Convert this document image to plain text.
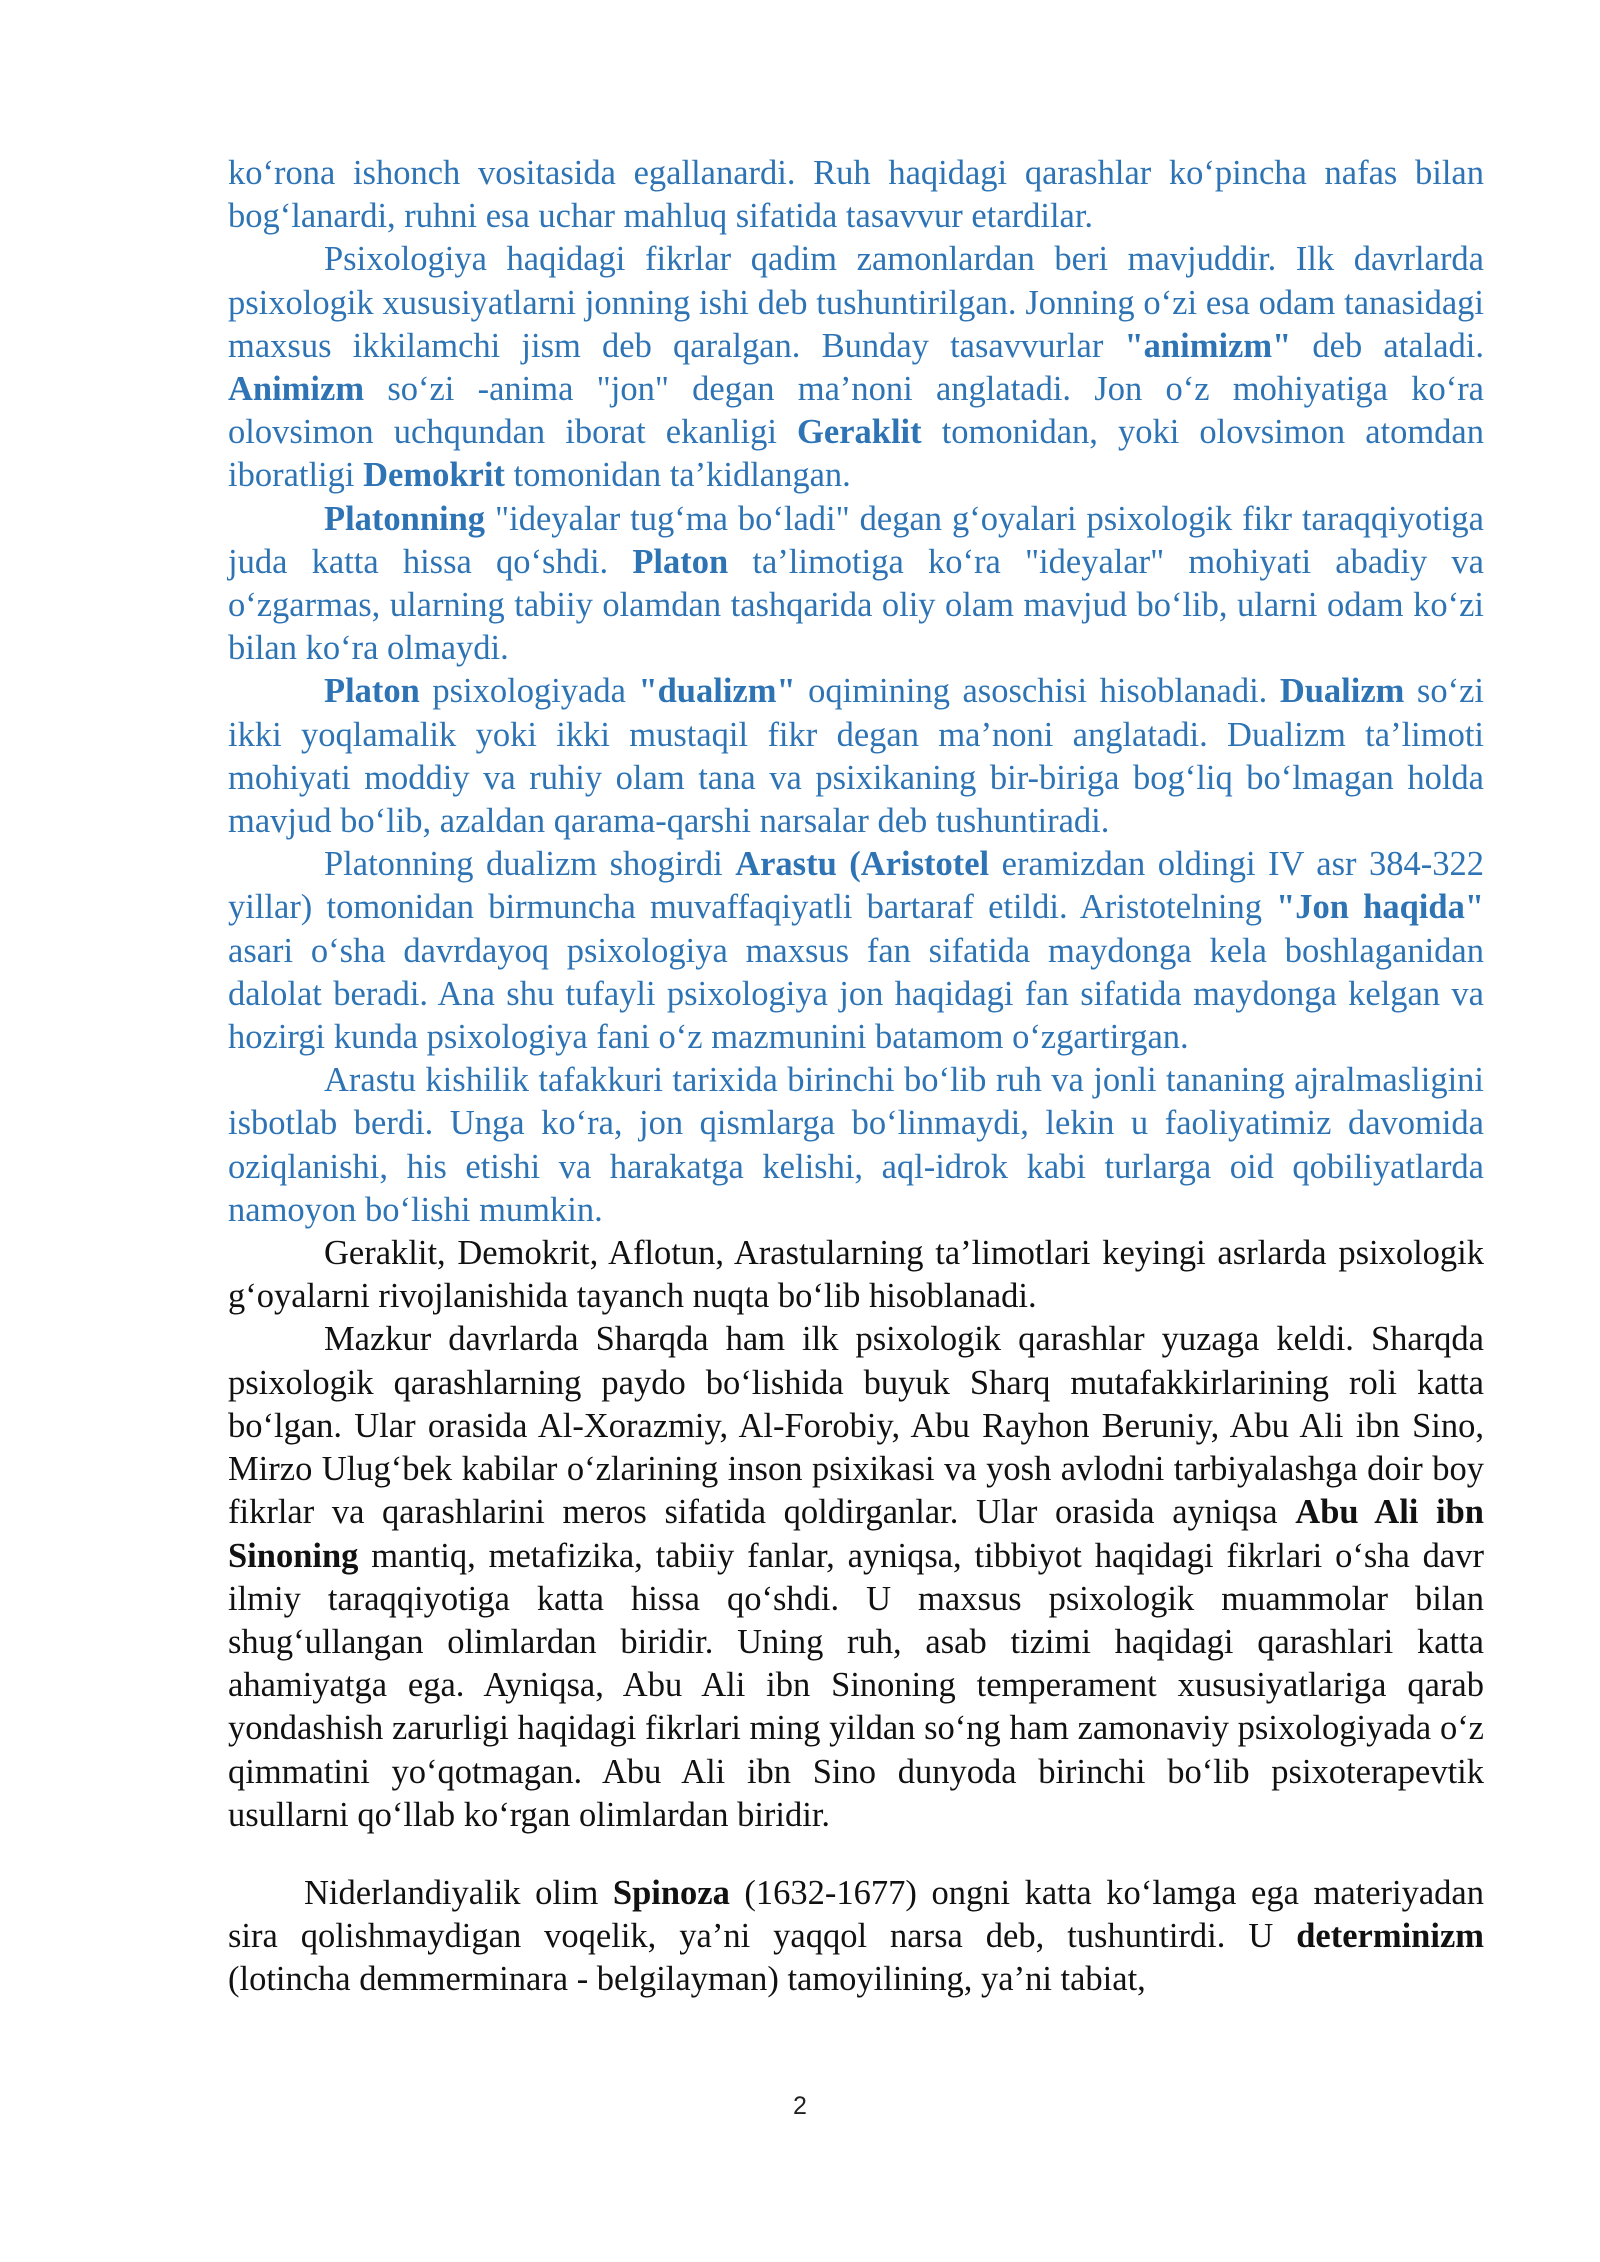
ko‘rona ishonch vositasida egallanardi. Ruh haqidagi qarashlar ko‘pincha nafas bilan bog‘lanardi, ruhni esa uchar mahluq sifatida tasavvur etardilar.

Psixologiya haqidagi fikrlar qadim zamonlardan beri mavjuddir. Ilk davrlarda psixologik xususiyatlarni jonning ishi deb tushuntirilgan. Jonning o‘zi esa odam tanasidagi maxsus ikkilamchi jism deb qaralgan. Bunday tasavvurlar "animizm" deb ataladi. Animizm so‘zi -anima "jon" degan ma’noni anglatadi. Jon o‘z mohiyatiga ko‘ra olovsimon uchqundan iborat ekanligi Geraklit tomonidan, yoki olovsimon atomdan iboratligi Demokrit tomonidan ta’kidlangan.

Platonning "ideyalar tug‘ma bo‘ladi" degan g‘oyalari psixologik fikr taraqqiyotiga juda katta hissa qo‘shdi. Platon ta’limotiga ko‘ra "ideyalar" mohiyati abadiy va o‘zgarmas, ularning tabiiy olamdan tashqarida oliy olam mavjud bo‘lib, ularni odam ko‘zi bilan ko‘ra olmaydi.

Platon psixologiyada "dualizm" oqimining asoschisi hisoblanadi. Dualizm so‘zi ikki yoqlamalik yoki ikki mustaqil fikr degan ma’noni anglatadi. Dualizm ta’limoti mohiyati moddiy va ruhiy olam tana va psixikaning bir-biriga bog‘liq bo‘lmagan holda mavjud bo‘lib, azaldan qarama-qarshi narsalar deb tushuntiradi.

Platonning dualizm shogirdi Arastu (Aristotel eramizdan oldingi IV asr 384-322 yillar) tomonidan birmuncha muvaffaqiyatli bartaraf etildi. Aristotelning "Jon haqida" asari o‘sha davrdayoq psixologiya maxsus fan sifatida maydonga kela boshlaganidan dalolat beradi. Ana shu tufayli psixologiya jon haqidagi fan sifatida maydonga kelgan va hozirgi kunda psixologiya fani o‘z mazmunini batamom o‘zgartirgan.

Arastu kishilik tafakkuri tarixida birinchi bo‘lib ruh va jonli tananing ajralmasligini isbotlab berdi. Unga ko‘ra, jon qismlarga bo‘linmaydi, lekin u faoliyatimiz davomida oziqlanishi, his etishi va harakatga kelishi, aql-idrok kabi turlarga oid qobiliyatlarda namoyon bo‘lishi mumkin.

Geraklit, Demokrit, Aflotun, Arastularning ta’limotlari keyingi asrlarda psixologik g‘oyalarni rivojlanishida tayanch nuqta bo‘lib hisoblanadi.

Mazkur davrlarda Sharqda ham ilk psixologik qarashlar yuzaga keldi. Sharqda psixologik qarashlarning paydo bo‘lishida buyuk Sharq mutafakkirlarining roli katta bo‘lgan. Ular orasida Al-Xorazmiy, Al-Forobiy, Abu Rayhon Beruniy, Abu Ali ibn Sino, Mirzo Ulug‘bek kabilar o‘zlarining inson psixikasi va yosh avlodni tarbiyalashga doir boy fikrlar va qarashlarini meros sifatida qoldirganlar. Ular orasida ayniqsa Abu Ali ibn Sinoning mantiq, metafizika, tabiiy fanlar, ayniqsa, tibbiyot haqidagi fikrlari o‘sha davr ilmiy taraqqiyotiga katta hissa qo‘shdi. U maxsus psixologik muammolar bilan shug‘ullangan olimlardan biridir. Uning ruh, asab tizimi haqidagi qarashlari katta ahamiyatga ega. Ayniqsa, Abu Ali ibn Sinoning temperament xususiyatlariga qarab yondashish zarurligi haqidagi fikrlari ming yildan so‘ng ham zamonaviy psixologiyada o‘z qimmatini yo‘qotmagan. Abu Ali ibn Sino dunyoda birinchi bo‘lib psixoterapevtik usullarni qo‘llab ko‘rgan olimlardan biridir.

Niderlandiyalik olim Spinoza (1632-1677) ongni katta ko‘lamga ega materiyadan sira qolishmaydigan voqelik, ya’ni yaqqol narsa deb, tushuntirdi. U determinizm (lotincha demmerminara - belgilayman) tamoyilining, ya’ni tabiat,

2
